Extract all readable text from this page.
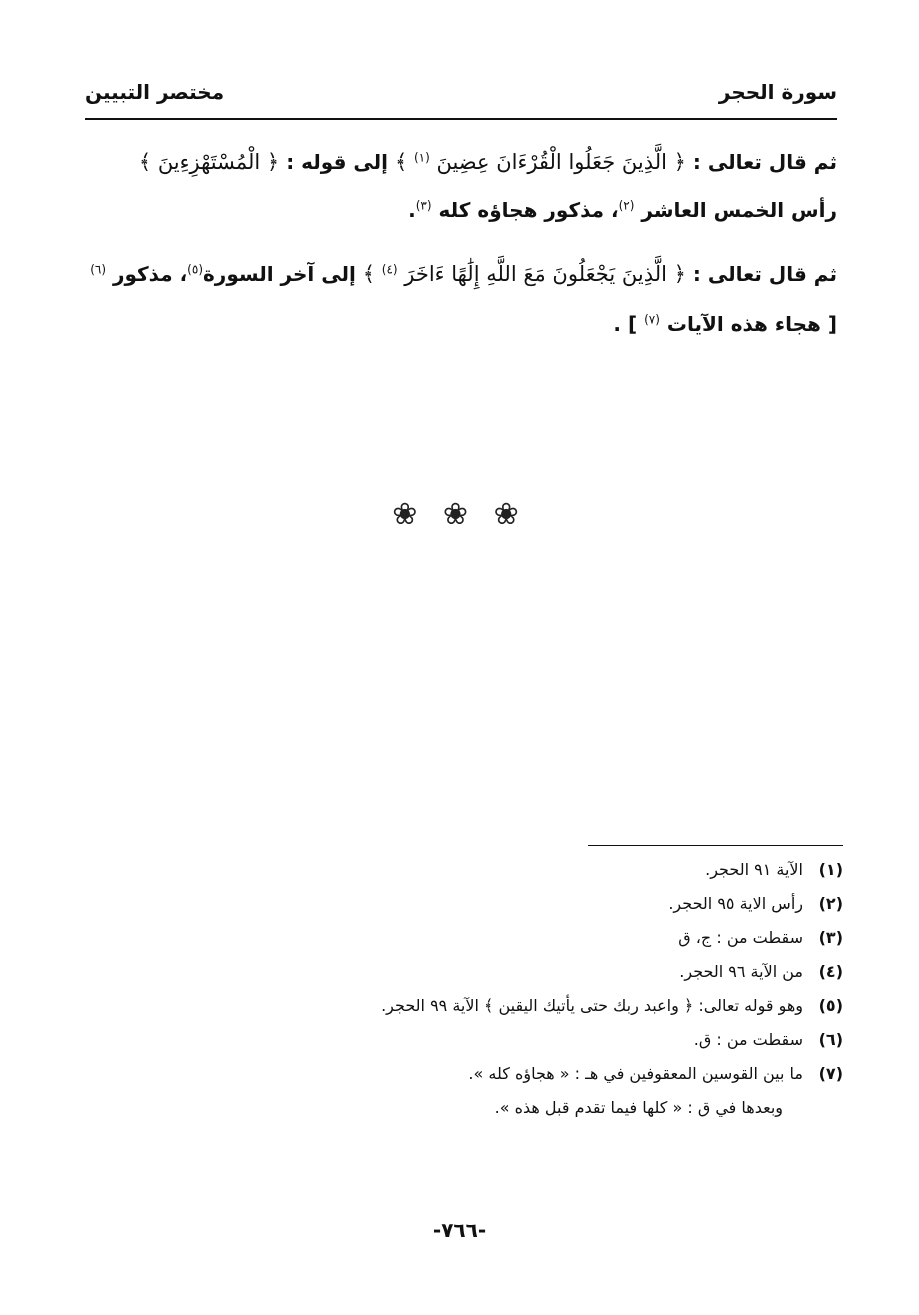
سورة الحجر
مختصر التبيين
ثم قال تعالى : ﴿ الَّذِينَ جَعَلُوا الْقُرْءَانَ عِضِينَ $^{(١)}$ ﴾ إلى قوله : ﴿ الْمُسْتَهْزِءِينَ ﴾
رأس الخمس العاشر $^{(٢)}$، مذكور هجاؤه كله $^{(٣)}$.
ثم قال تعالى : ﴿ الَّذِينَ يَجْعَلُونَ مَعَ اللَّهِ إِلَٰهًا ءَاخَرَ $^{(٤)}$ ﴾ إلى آخر السورة$^{(٥)}$، مذكور $^{(٦)}$
[ هجاء هذه الآيات $^{(٧)}$ ] .
❀ ❀ ❀
(١)
الآية ٩١ الحجر.
(٢)
رأس الاية ٩٥ الحجر.
(٣)
سقطت من : ج، ق
(٤)
من الآية ٩٦ الحجر.
(٥)
وهو قوله تعالى: ﴿ واعبد ربك حتى يأتيك اليقين ﴾ الآية ٩٩ الحجر.
(٦)
سقطت من : ق.
(٧)
ما بين القوسين المعقوفين في هـ : « هجاؤه كله ».
وبعدها في ق : « كلها فيما تقدم قبل هذه ».
-٧٦٦-
